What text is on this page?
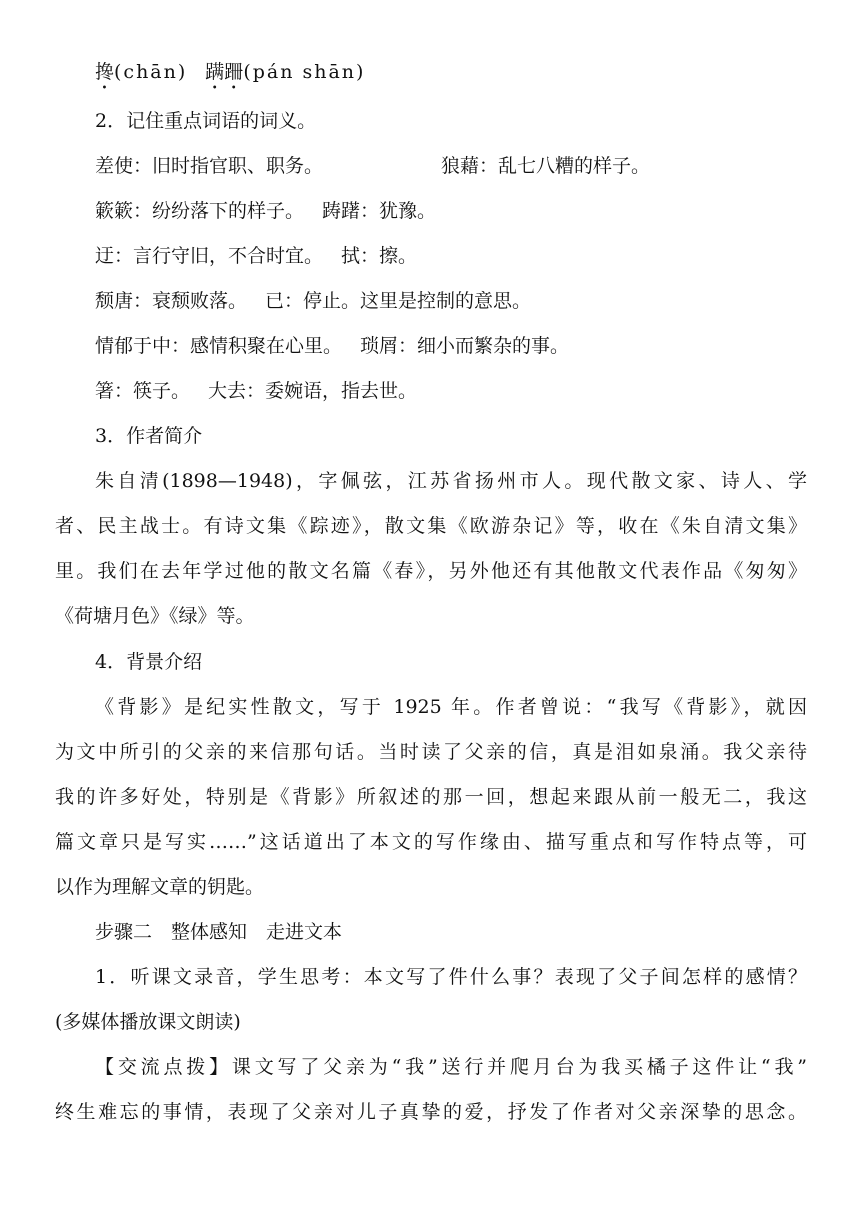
搀(chān) 蹒跚(pán shān)
2．记住重点词语的词义。
差使：旧时指官职、职务。	狼藉：乱七八糟的样子。
簌簌：纷纷落下的样子。 踌躇：犹豫。
迂：言行守旧，不合时宜。 拭：擦。
颓唐：衰颓败落。 已：停止。这里是控制的意思。
情郁于中：感情积聚在心里。 琐屑：细小而繁杂的事。
箸：筷子。 大去：委婉语，指去世。
3．作者简介
朱自清(1898—1948)，字佩弦，江苏省扬州市人。现代散文家、诗人、学
者、民主战士。有诗文集《踪迹》，散文集《欧游杂记》等，收在《朱自清文集》
里。我们在去年学过他的散文名篇《春》，另外他还有其他散文代表作品《匆匆》
《荷塘月色》《绿》等。
4．背景介绍
《背影》是纪实性散文，写于 1925 年。作者曾说：“我写《背影》，就因
为文中所引的父亲的来信那句话。当时读了父亲的信，真是泪如泉涌。我父亲待
我的许多好处，特别是《背影》所叙述的那一回，想起来跟从前一般无二，我这
篇文章只是写实……”这话道出了本文的写作缘由、描写重点和写作特点等，可
以作为理解文章的钥匙。
步骤二　整体感知　走进文本
1．听课文录音，学生思考：本文写了件什么事？表现了父子间怎样的感情？
(多媒体播放课文朗读)
【交流点拨】课文写了父亲为“我”送行并爬月台为我买橘子这件让“我”
终生难忘的事情，表现了父亲对儿子真挚的爱，抒发了作者对父亲深挚的思念。
